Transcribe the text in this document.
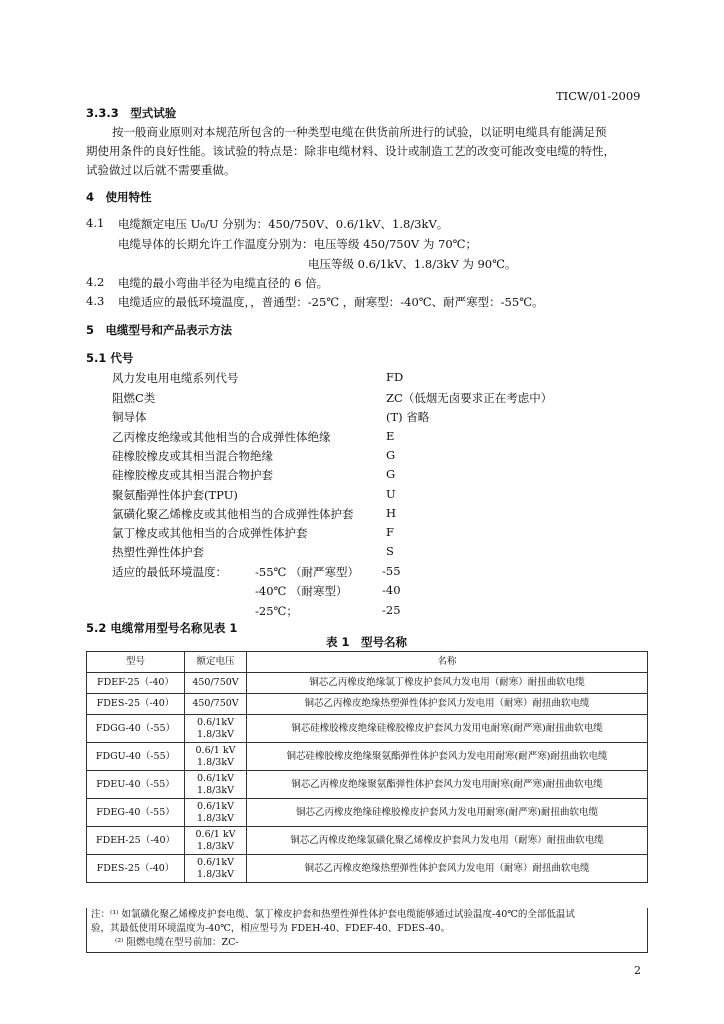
TICW/01-2009
3.3.3　型式试验
按一般商业原则对本规范所包含的一种类型电缆在供货前所进行的试验，以证明电缆具有能满足预
期使用条件的良好性能。该试验的特点是：除非电缆材料、设计或制造工艺的改变可能改变电缆的特性，
试验做过以后就不需要重做。
4　使用特性
4.1 电缆额定电压 U₀/U 分别为：450/750V、0.6/1kV、1.8/3kV。
电缆导体的长期允许工作温度分别为：电压等级 450/750V 为 70℃；
电压等级 0.6/1kV、1.8/3kV 为 90℃。
4.2 电缆的最小弯曲半径为电缆直径的 6 倍。
4.3 电缆适应的最低环境温度，，普通型：-25℃ ，耐寒型：-40℃、耐严寒型：-55℃。
5　电缆型号和产品表示方法
5.1 代号
风力发电用电缆系列代号	FD
阻燃C类	ZC（低烟无卤要求正在考虑中）
铜导体	(T) 省略
乙丙橡皮绝缘或其他相当的合成弹性体绝缘	E
硅橡胶橡皮或其相当混合物绝缘	G
硅橡胶橡皮或其相当混合物护套	G
聚氨酯弹性体护套(TPU)	U
氯磺化聚乙烯橡皮或其他相当的合成弹性体护套	H
氯丁橡皮或其他相当的合成弹性体护套	F
热塑性弹性体护套	S
适应的最低环境温度： -55℃ （耐严寒型） -55
-40℃ （耐寒型）	-40
-25℃；	-25
5.2 电缆常用型号名称见表 1
表 1　型号名称
型号	额定电压	名称
FDEF-25（-40）	450/750V	铜芯乙丙橡皮绝缘氯丁橡皮护套风力发电用（耐寒）耐扭曲软电缆
FDES-25（-40）	450/750V	铜芯乙丙橡皮绝缘热塑弹性体护套风力发电用（耐寒）耐扭曲软电缆
FDGG-40（-55）	0.6/1kV
1.8/3kV	铜芯硅橡胶橡皮绝缘硅橡胶橡皮护套风力发用电耐寒(耐严寒)耐扭曲软电缆
FDGU-40（-55）	0.6/1 kV
1.8/3kV	铜芯硅橡胶橡皮绝缘聚氨酯弹性体护套风力发电用耐寒(耐严寒)耐扭曲软电缆
FDEU-40（-55）	0.6/1kV
1.8/3kV	铜芯乙丙橡皮绝缘聚氨酯弹性体护套风力发电用耐寒(耐严寒)耐扭曲软电缆
FDEG-40（-55）	0.6/1kV
1.8/3kV	铜芯乙丙橡皮绝缘硅橡胶橡皮护套风力发电用耐寒(耐严寒)耐扭曲软电缆
FDEH-25（-40）	0.6/1 kV
1.8/3kV	铜芯乙丙橡皮绝缘氯磺化聚乙烯橡皮护套风力发电用（耐寒）耐扭曲软电缆
FDES-25（-40）	0.6/1kV
1.8/3kV	铜芯乙丙橡皮绝缘热塑弹性体护套风力发电用（耐寒）耐扭曲软电缆
注：⁽¹⁾ 如氯磺化聚乙烯橡皮护套电缆、氯丁橡皮护套和热塑性弹性体护套电缆能够通过试验温度-40℃的全部低温试
验，其最低使用环境温度为-40℃，相应型号为 FDEH-40、FDEF-40、FDES-40。
⁽²⁾ 阻燃电缆在型号前加：ZC-
2
